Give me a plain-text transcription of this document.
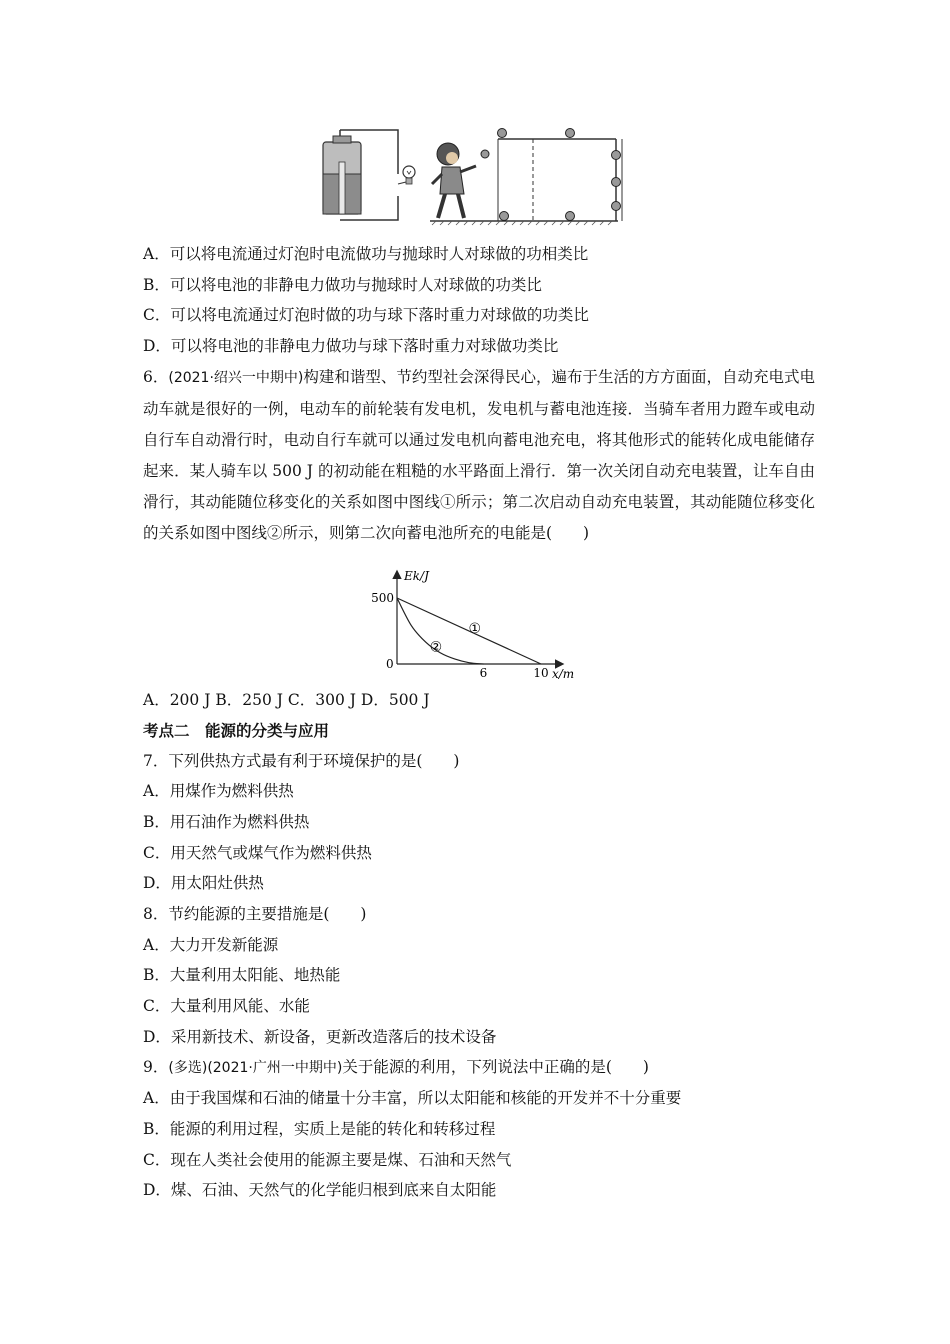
A．可以将电流通过灯泡时电流做功与抛球时人对球做的功相类比
B．可以将电池的非静电力做功与抛球时人对球做的功类比
C．可以将电流通过灯泡时做的功与球下落时重力对球做的功类比
D．可以将电池的非静电力做功与球下落时重力对球做功类比
6．(2021·绍兴一中期中)构建和谐型、节约型社会深得民心，遍布于生活的方方面面，自动充电式电动车就是很好的一例，电动车的前轮装有发电机，发电机与蓄电池连接．当骑车者用力蹬车或电动自行车自动滑行时，电动自行车就可以通过发电机向蓄电池充电，将其他形式的能转化成电能储存起来．某人骑车以 500 J 的初动能在粗糙的水平路面上滑行．第一次关闭自动充电装置，让车自由滑行，其动能随位移变化的关系如图中图线①所示；第二次启动自动充电装置，其动能随位移变化的关系如图中图线②所示，则第二次向蓄电池所充的电能是(　　)
Ek/J
x/m
0
500
6	10
①
②
A．200 J B．250 J C．300 J D．500 J
考点二　能源的分类与应用
7．下列供热方式最有利于环境保护的是(　　)
A．用煤作为燃料供热
B．用石油作为燃料供热
C．用天然气或煤气作为燃料供热
D．用太阳灶供热
8．节约能源的主要措施是(　　)
A．大力开发新能源
B．大量利用太阳能、地热能
C．大量利用风能、水能
D．采用新技术、新设备，更新改造落后的技术设备
9．(多选)(2021·广州一中期中)关于能源的利用，下列说法中正确的是(　　)
A．由于我国煤和石油的储量十分丰富，所以太阳能和核能的开发并不十分重要
B．能源的利用过程，实质上是能的转化和转移过程
C．现在人类社会使用的能源主要是煤、石油和天然气
D．煤、石油、天然气的化学能归根到底来自太阳能
